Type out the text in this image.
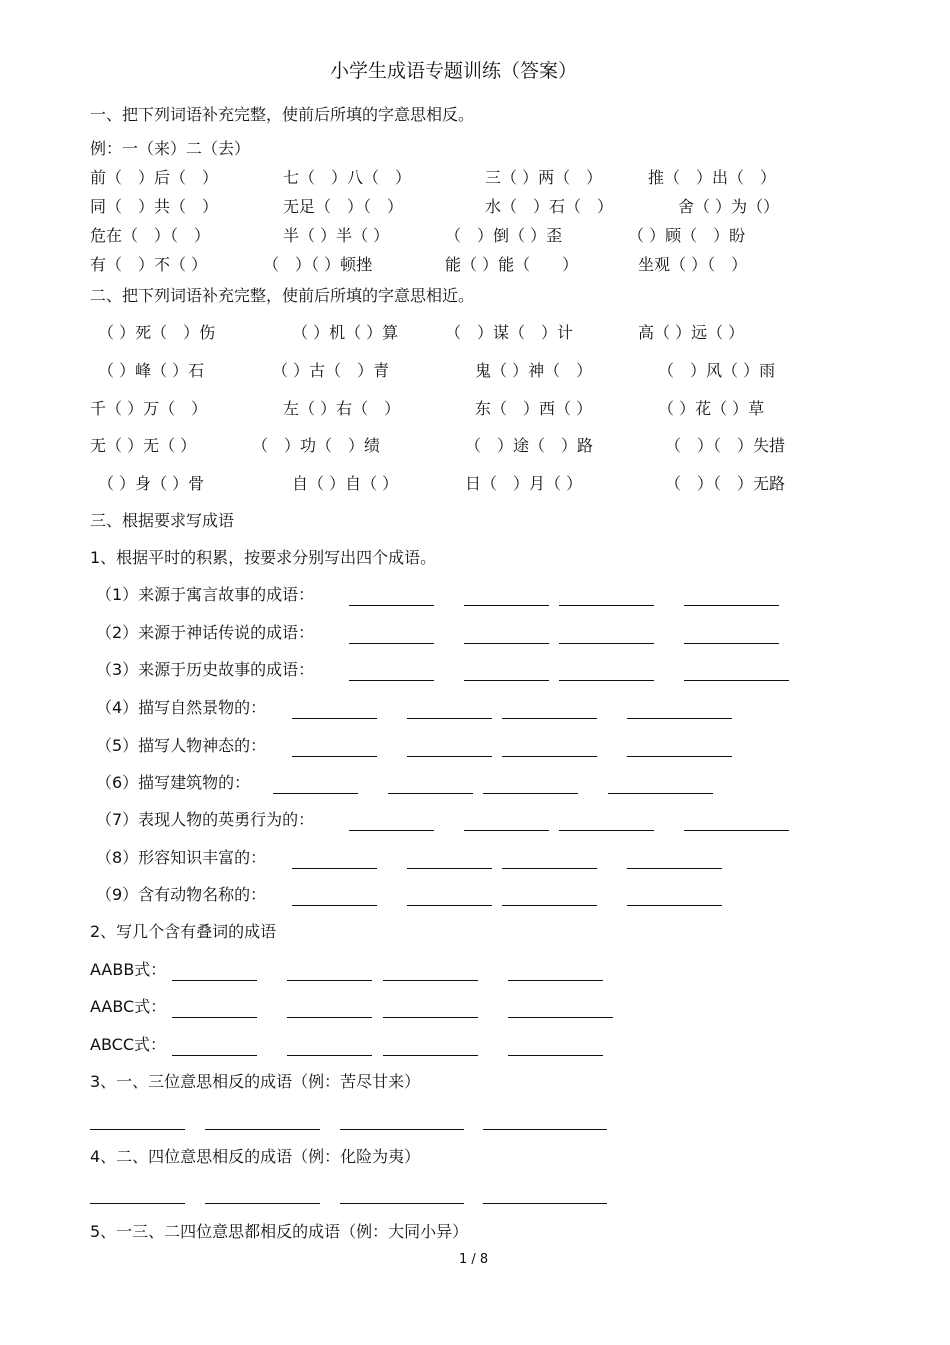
小学生成语专题训练（答案）
一、把下列词语补充完整，使前后所填的字意思相反。
例：一（来）二（去）
前（　）后（　）	七（　）八（　）	三（ ）两（　）	推（　）出（　）
同（　）共（　）	无足（　）（　）	水（　）石（　）	舍（ ）为（）
危在（　）（　）	半（ ）半（ ）	（　）倒（ ）歪	（ ）顾（　）盼
有（　）不（ ）	（　）（ ）顿挫	能（ ）能（　　）	坐观（ ）（　）
二、把下列词语补充完整，使前后所填的字意思相近。
（ ）死（　）伤	（ ）机（ ）算	（　）谋（　）计	高（ ）远（ ）
（ ）峰（ ）石	（ ）古（　）青	鬼（ ）神（　）	（　）风（ ）雨
千（ ）万（　）	左（ ）右（　）	东（　）西（ ）	（ ）花（ ）草
无（ ）无（ ）	（　）功（　）绩	（　）途（　）路	（　）（　）失措
（ ）身（ ）骨	自（ ）自（ ）	日（　）月（ ）	（　）（　）无路
三、根据要求写成语
1、根据平时的积累，按要求分别写出四个成语。
（1）来源于寓言故事的成语：
（2）来源于神话传说的成语：
（3）来源于历史故事的成语：
（4）描写自然景物的：
（5）描写人物神态的：
（6）描写建筑物的：
（7）表现人物的英勇行为的：
（8）形容知识丰富的：
（9）含有动物名称的：
2、写几个含有叠词的成语
AABB式：
AABC式：
ABCC式：
3、一、三位意思相反的成语（例：苦尽甘来）
4、二、四位意思相反的成语（例：化险为夷）
5、一三、二四位意思都相反的成语（例：大同小异）
1 / 8
